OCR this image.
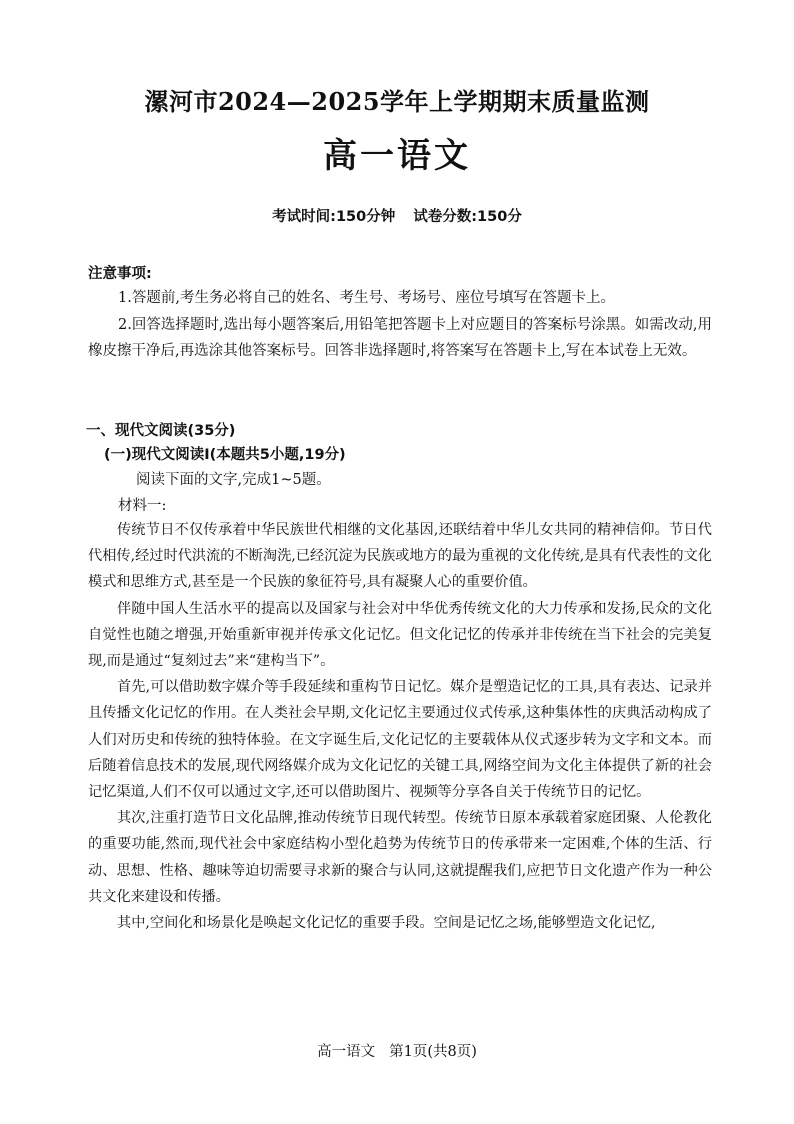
漯河市2024—2025学年上学期期末质量监测
高一语文
考试时间:150分钟 试卷分数:150分
注意事项:
1.答题前,考生务必将自己的姓名、考生号、考场号、座位号填写在答题卡上。
2.回答选择题时,选出每小题答案后,用铅笔把答题卡上对应题目的答案标号涂黑。如需改动,用橡皮擦干净后,再选涂其他答案标号。回答非选择题时,将答案写在答题卡上,写在本试卷上无效。
一、现代文阅读(35分)
(一)现代文阅读Ⅰ(本题共5小题,19分)
阅读下面的文字,完成1~5题。
材料一:

传统节日不仅传承着中华民族世代相继的文化基因,还联结着中华儿女共同的精神信仰。节日代代相传,经过时代洪流的不断淘洗,已经沉淀为民族或地方的最为重视的文化传统,是具有代表性的文化模式和思维方式,甚至是一个民族的象征符号,具有凝聚人心的重要价值。

伴随中国人生活水平的提高以及国家与社会对中华优秀传统文化的大力传承和发扬,民众的文化自觉性也随之增强,开始重新审视并传承文化记忆。但文化记忆的传承并非传统在当下社会的完美复现,而是通过“复刻过去”来“建构当下”。

首先,可以借助数字媒介等手段延续和重构节日记忆。媒介是塑造记忆的工具,具有表达、记录并且传播文化记忆的作用。在人类社会早期,文化记忆主要通过仪式传承,这种集体性的庆典活动构成了人们对历史和传统的独特体验。在文字诞生后,文化记忆的主要载体从仪式逐步转为文字和文本。而后随着信息技术的发展,现代网络媒介成为文化记忆的关键工具,网络空间为文化主体提供了新的社会记忆渠道,人们不仅可以通过文字,还可以借助图片、视频等分享各自关于传统节日的记忆。

其次,注重打造节日文化品牌,推动传统节日现代转型。传统节日原本承载着家庭团聚、人伦教化的重要功能,然而,现代社会中家庭结构小型化趋势为传统节日的传承带来一定困难,个体的生活、行动、思想、性格、趣味等迫切需要寻求新的聚合与认同,这就提醒我们,应把节日文化遗产作为一种公共文化来建设和传播。

其中,空间化和场景化是唤起文化记忆的重要手段。空间是记忆之场,能够塑造文化记忆,

高一语文 第1页(共8页)
